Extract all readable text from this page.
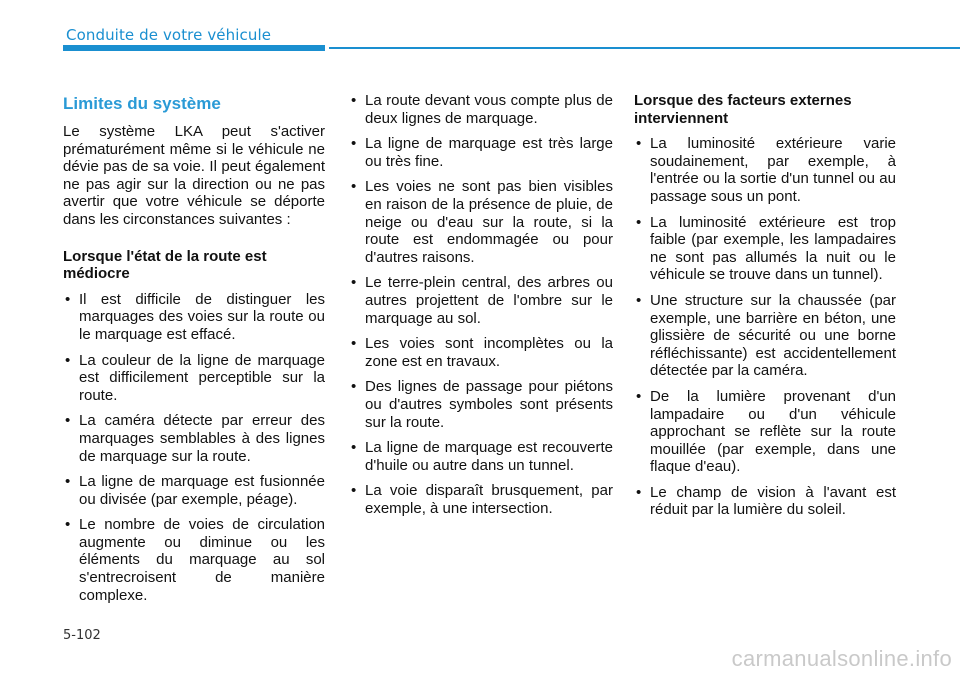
Conduite de votre véhicule
Limites du système

Le système LKA peut s'activer prématurément même si le véhicule ne dévie pas de sa voie. Il peut également ne pas agir sur la direction ou ne pas avertir que votre véhicule se déporte dans les circonstances suivantes :

Lorsque l'état de la route est médiocre
• Il est difficile de distinguer les marquages des voies sur la route ou le marquage est effacé.
• La couleur de la ligne de marquage est difficilement perceptible sur la route.
• La caméra détecte par erreur des marquages semblables à des lignes de marquage sur la route.
• La ligne de marquage est fusionnée ou divisée (par exemple, péage).
• Le nombre de voies de circulation augmente ou diminue ou les éléments du marquage au sol s'entrecroisent de manière complexe.
• La route devant vous compte plus de deux lignes de marquage.
• La ligne de marquage est très large ou très fine.
• Les voies ne sont pas bien visibles en raison de la présence de pluie, de neige ou d'eau sur la route, si la route est endommagée ou pour d'autres raisons.
• Le terre-plein central, des arbres ou autres projettent de l'ombre sur le marquage au sol.
• Les voies sont incomplètes ou la zone est en travaux.
• Des lignes de passage pour piétons ou d'autres symboles sont présents sur la route.
• La ligne de marquage est recouverte d'huile ou autre dans un tunnel.
• La voie disparaît brusquement, par exemple, à une intersection.
Lorsque des facteurs externes interviennent
• La luminosité extérieure varie soudainement, par exemple, à l'entrée ou la sortie d'un tunnel ou au passage sous un pont.
• La luminosité extérieure est trop faible (par exemple, les lampadaires ne sont pas allumés la nuit ou le véhicule se trouve dans un tunnel).
• Une structure sur la chaussée (par exemple, une barrière en béton, une glissière de sécurité ou une borne réfléchissante) est accidentellement détectée par la caméra.
• De la lumière provenant d'un lampadaire ou d'un véhicule approchant se reflète sur la route mouillée (par exemple, dans une flaque d'eau).
• Le champ de vision à l'avant est réduit par la lumière du soleil.
5-102
carmanualsonline.info
